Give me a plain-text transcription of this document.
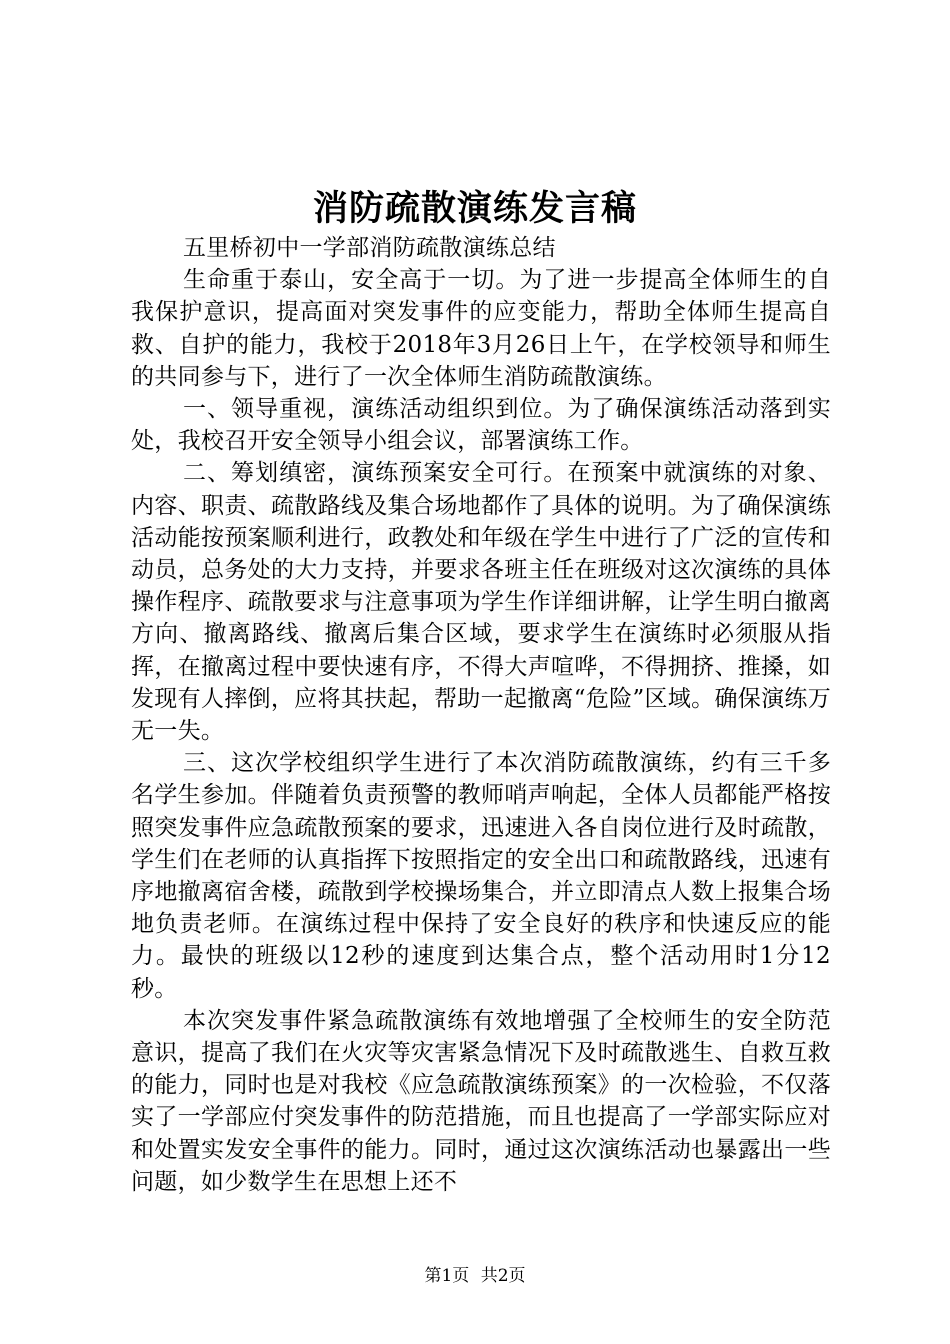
消防疏散演练发言稿

五里桥初中一学部消防疏散演练总结

生命重于泰山，安全高于一切。为了进一步提高全体师生的自我保护意识，提高面对突发事件的应变能力，帮助全体师生提高自救、自护的能力，我校于2018年3月26日上午，在学校领导和师生的共同参与下，进行了一次全体师生消防疏散演练。

一、领导重视，演练活动组织到位。为了确保演练活动落到实处，我校召开安全领导小组会议，部署演练工作。

二、筹划缜密，演练预案安全可行。在预案中就演练的对象、内容、职责、疏散路线及集合场地都作了具体的说明。为了确保演练活动能按预案顺利进行，政教处和年级在学生中进行了广泛的宣传和动员，总务处的大力支持，并要求各班主任在班级对这次演练的具体操作程序、疏散要求与注意事项为学生作详细讲解，让学生明白撤离方向、撤离路线、撤离后集合区域，要求学生在演练时必须服从指挥，在撤离过程中要快速有序，不得大声喧哗，不得拥挤、推搡，如发现有人摔倒，应将其扶起，帮助一起撤离“危险”区域。确保演练万无一失。

三、这次学校组织学生进行了本次消防疏散演练，约有三千多名学生参加。伴随着负责预警的教师哨声响起，全体人员都能严格按照突发事件应急疏散预案的要求，迅速进入各自岗位进行及时疏散，学生们在老师的认真指挥下按照指定的安全出口和疏散路线，迅速有序地撤离宿舍楼，疏散到学校操场集合，并立即清点人数上报集合场地负责老师。在演练过程中保持了安全良好的秩序和快速反应的能力。最快的班级以12秒的速度到达集合点，整个活动用时1分12秒。

本次突发事件紧急疏散演练有效地增强了全校师生的安全防范意识，提高了我们在火灾等灾害紧急情况下及时疏散逃生、自救互救的能力，同时也是对我校《应急疏散演练预案》的一次检验，不仅落实了一学部应付突发事件的防范措施，而且也提高了一学部实际应对和处置实发安全事件的能力。同时，通过这次演练活动也暴露出一些问题，如少数学生在思想上还不

第1页 共2页
